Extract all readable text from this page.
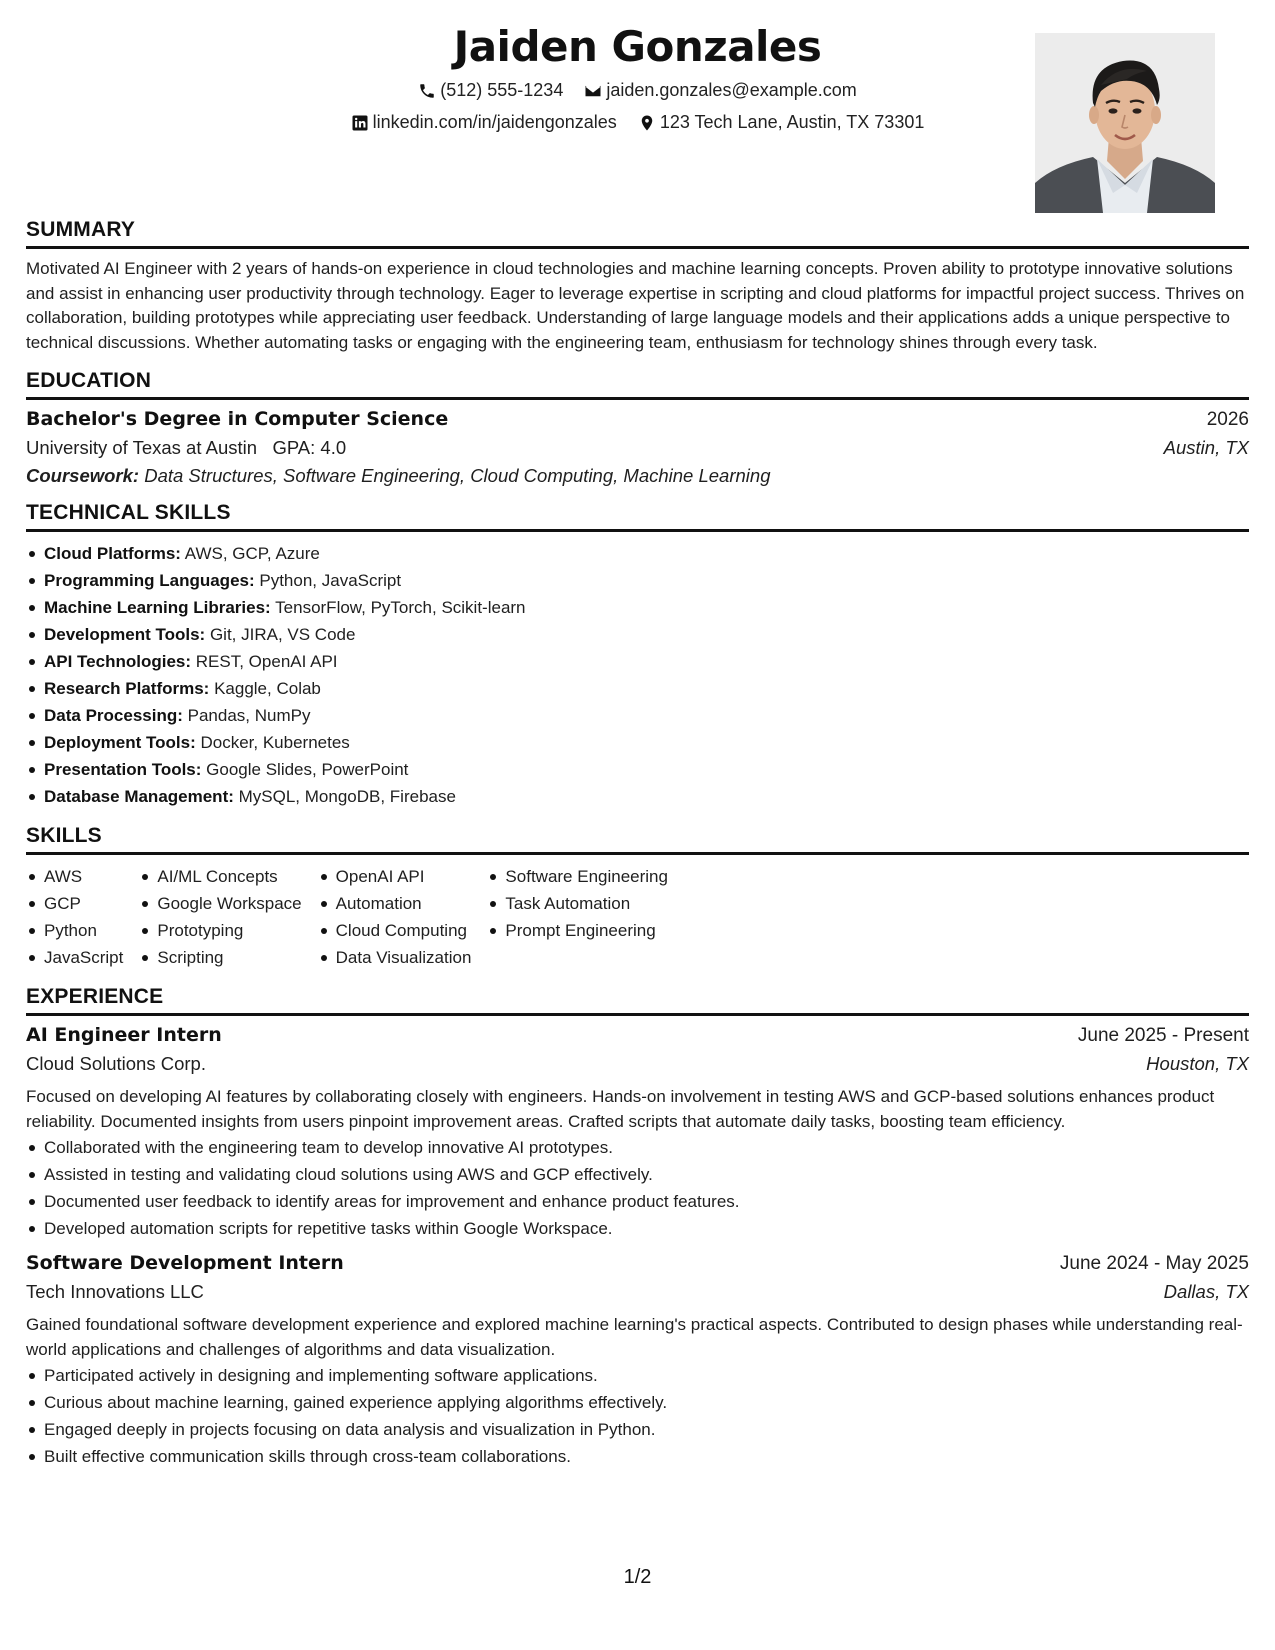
Jaiden Gonzales
(512) 555-1234
jaiden.gonzales@example.com
linkedin.com/in/jaidengonzales
123 Tech Lane, Austin, TX 73301
SUMMARY
Motivated AI Engineer with 2 years of hands-on experience in cloud technologies and machine learning concepts. Proven ability to prototype innovative solutions and assist in enhancing user productivity through technology. Eager to leverage expertise in scripting and cloud platforms for impactful project success. Thrives on collaboration, building prototypes while appreciating user feedback. Understanding of large language models and their applications adds a unique perspective to technical discussions. Whether automating tasks or engaging with the engineering team, enthusiasm for technology shines through every task.
EDUCATION
Bachelor's Degree in Computer Science	2026
University of Texas at Austin GPA: 4.0	Austin, TX
Coursework: Data Structures, Software Engineering, Cloud Computing, Machine Learning
TECHNICAL SKILLS
Cloud Platforms: AWS, GCP, Azure
Programming Languages: Python, JavaScript
Machine Learning Libraries: TensorFlow, PyTorch, Scikit-learn
Development Tools: Git, JIRA, VS Code
API Technologies: REST, OpenAI API
Research Platforms: Kaggle, Colab
Data Processing: Pandas, NumPy
Deployment Tools: Docker, Kubernetes
Presentation Tools: Google Slides, PowerPoint
Database Management: MySQL, MongoDB, Firebase
SKILLS
AWS
GCP
Python
JavaScript
AI/ML Concepts
Google Workspace
Prototyping
Scripting
OpenAI API
Automation
Cloud Computing
Data Visualization
Software Engineering
Task Automation
Prompt Engineering
EXPERIENCE
AI Engineer Intern	June 2025 - Present
Cloud Solutions Corp.	Houston, TX
Focused on developing AI features by collaborating closely with engineers. Hands-on involvement in testing AWS and GCP-based solutions enhances product reliability. Documented insights from users pinpoint improvement areas. Crafted scripts that automate daily tasks, boosting team efficiency.
Collaborated with the engineering team to develop innovative AI prototypes.
Assisted in testing and validating cloud solutions using AWS and GCP effectively.
Documented user feedback to identify areas for improvement and enhance product features.
Developed automation scripts for repetitive tasks within Google Workspace.
Software Development Intern	June 2024 - May 2025
Tech Innovations LLC	Dallas, TX
Gained foundational software development experience and explored machine learning's practical aspects. Contributed to design phases while understanding real-world applications and challenges of algorithms and data visualization.
Participated actively in designing and implementing software applications.
Curious about machine learning, gained experience applying algorithms effectively.
Engaged deeply in projects focusing on data analysis and visualization in Python.
Built effective communication skills through cross-team collaborations.
1/2
